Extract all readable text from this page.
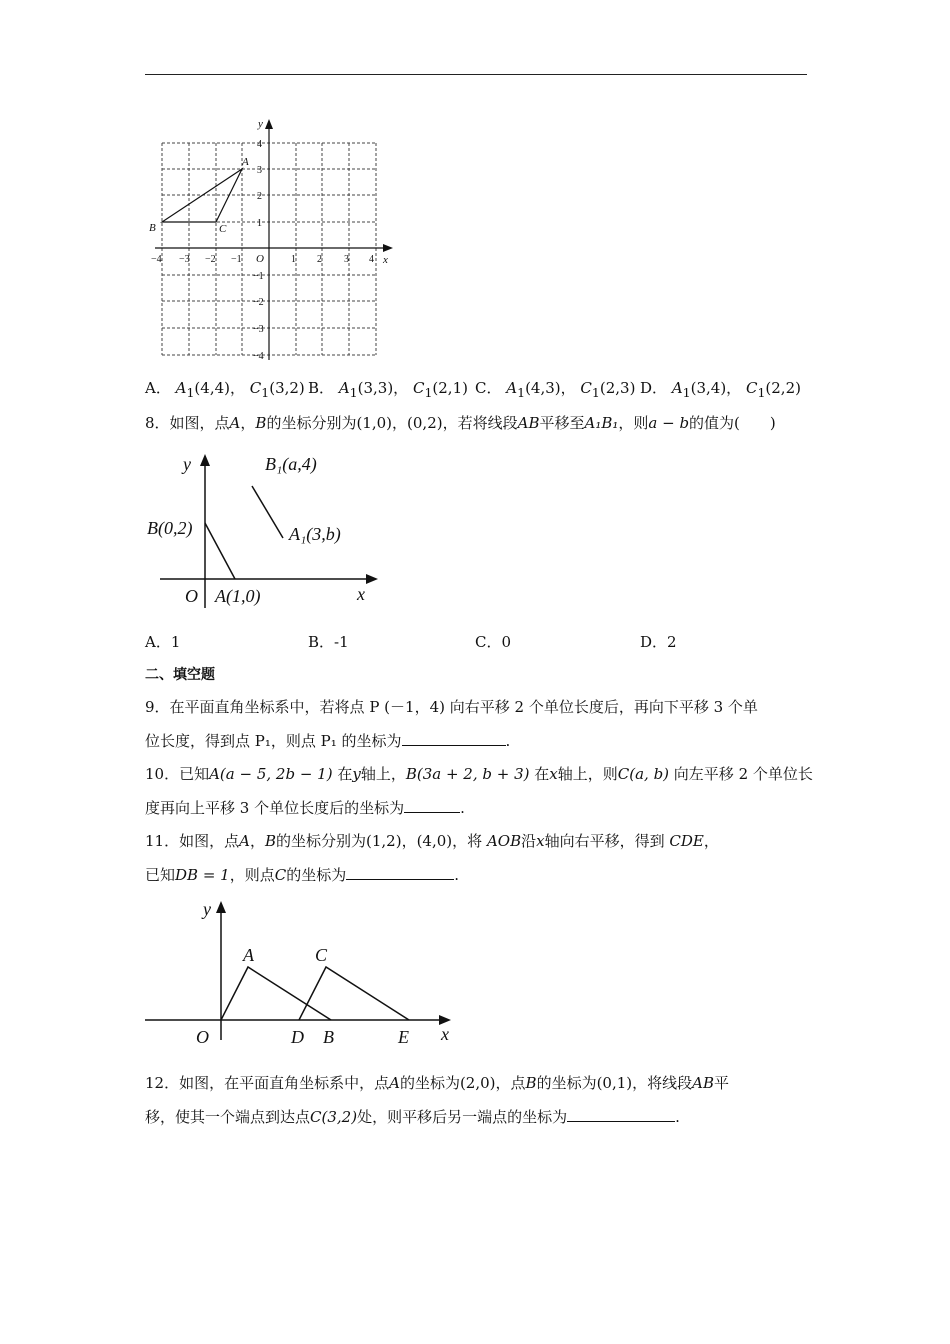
y
x
O
A
B	C
−4 −3 −2 −1	1 2 3 4
4
3
2
1
−1
−2
−3
−4
A． $A_1(4,4)$， $C_1(3,2)$ B． $A_1(3,3)$， $C_1(2,1)$ C． $A_1(4,3)$， $C_1(2,3)$ D． $A_1(3,4)$， $C_1(2,2)$
8．如图，点A，B的坐标分别为(1,0)，(0,2)，若将线段AB平移至A₁B₁，则a − b的值为(　　)
y
x
O
B(0,2)
A(1,0)
B₁(a,4)
A₁(3,b)
A．1	B．-1	C．0	D．2
二、填空题
9．在平面直角坐标系中，若将点 P (－1，4) 向右平移 2 个单位长度后，再向下平移 3 个单
位长度，得到点 P₁，则点 P₁ 的坐标为	.
10．已知A(a − 5, 2b − 1) 在y轴上，B(3a + 2, b + 3) 在x轴上，则C(a, b) 向左平移 2 个单位长
度再向上平移 3 个单位长度后的坐标为	.
11．如图，点A，B的坐标分别为(1,2)，(4,0)，将 AOB沿x轴向右平移，得到 CDE，
已知DB = 1，则点C的坐标为	.
y
x
O
A	C
D B	E
12．如图，在平面直角坐标系中，点A的坐标为(2,0)，点B的坐标为(0,1)，将线段AB平
移，使其一个端点到达点C(3,2)处，则平移后另一端点的坐标为	.
